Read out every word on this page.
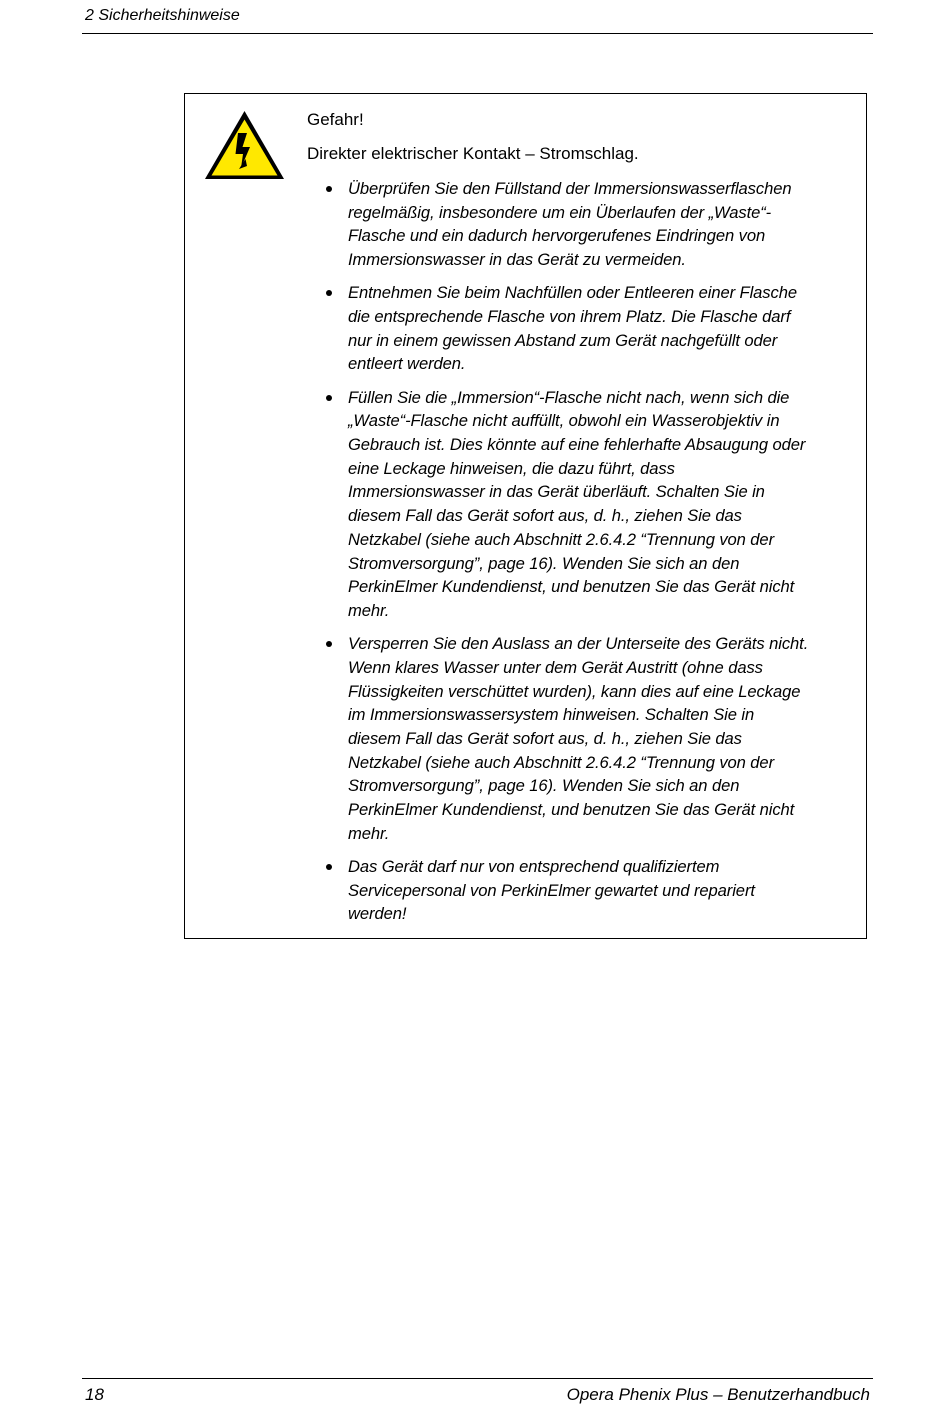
2 Sicherheitshinweise
Gefahr!
Direkter elektrischer Kontakt – Stromschlag.
Überprüfen Sie den Füllstand der Immersionswasserflaschen
regelmäßig, insbesondere um ein Überlaufen der „Waste“-
Flasche und ein dadurch hervorgerufenes Eindringen von
Immersionswasser in das Gerät zu vermeiden.
Entnehmen Sie beim Nachfüllen oder Entleeren einer Flasche
die entsprechende Flasche von ihrem Platz. Die Flasche darf
nur in einem gewissen Abstand zum Gerät nachgefüllt oder
entleert werden.
Füllen Sie die „Immersion“-Flasche nicht nach, wenn sich die
„Waste“-Flasche nicht auffüllt, obwohl ein Wasserobjektiv in
Gebrauch ist. Dies könnte auf eine fehlerhafte Absaugung oder
eine Leckage hinweisen, die dazu führt, dass
Immersionswasser in das Gerät überläuft. Schalten Sie in
diesem Fall das Gerät sofort aus, d. h., ziehen Sie das
Netzkabel (siehe auch Abschnitt 2.6.4.2 “Trennung von der
Stromversorgung”, page 16). Wenden Sie sich an den
PerkinElmer Kundendienst, und benutzen Sie das Gerät nicht
mehr.
Versperren Sie den Auslass an der Unterseite des Geräts nicht.
Wenn klares Wasser unter dem Gerät Austritt (ohne dass
Flüssigkeiten verschüttet wurden), kann dies auf eine Leckage
im Immersionswassersystem hinweisen. Schalten Sie in
diesem Fall das Gerät sofort aus, d. h., ziehen Sie das
Netzkabel (siehe auch Abschnitt 2.6.4.2 “Trennung von der
Stromversorgung”, page 16). Wenden Sie sich an den
PerkinElmer Kundendienst, und benutzen Sie das Gerät nicht
mehr.
Das Gerät darf nur von entsprechend qualifiziertem
Servicepersonal von PerkinElmer gewartet und repariert
werden!
18	Opera Phenix Plus – Benutzerhandbuch
